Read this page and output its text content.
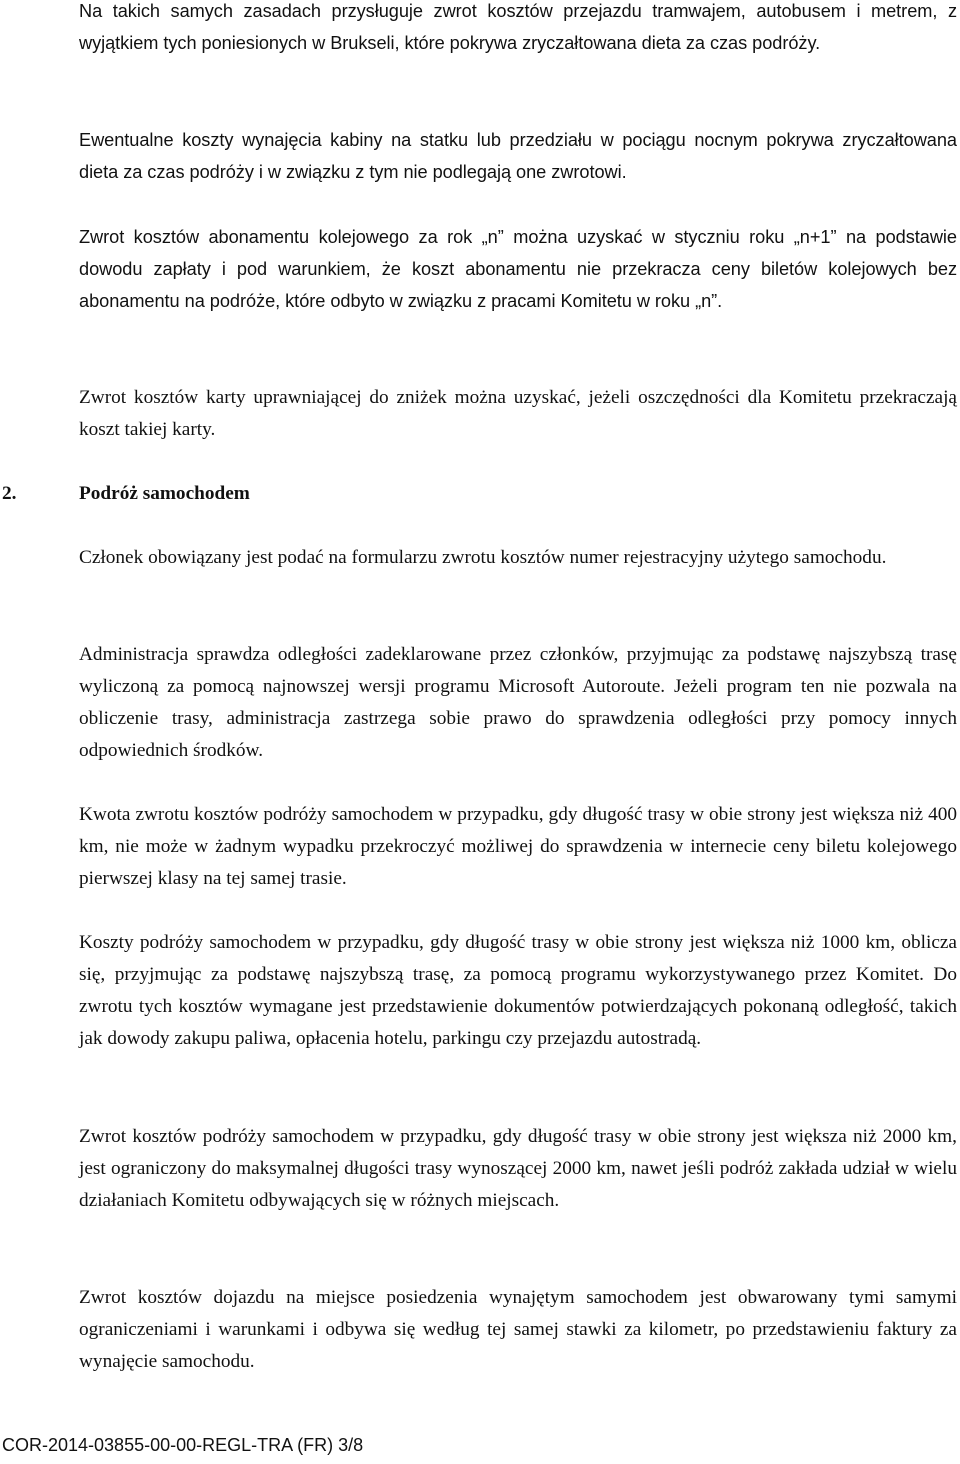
Na takich samych zasadach przysługuje zwrot kosztów przejazdu tramwajem, autobusem i metrem, z wyjątkiem tych poniesionych w Brukseli, które pokrywa zryczałtowana dieta za czas podróży.

Ewentualne koszty wynajęcia kabiny na statku lub przedziału w pociągu nocnym pokrywa zryczałtowana dieta za czas podróży i w związku z tym nie podlegają one zwrotowi.

Zwrot kosztów abonamentu kolejowego za rok „n” można uzyskać w styczniu roku „n+1” na podstawie dowodu zapłaty i pod warunkiem, że koszt abonamentu nie przekracza ceny biletów kolejowych bez abonamentu na podróże, które odbyto w związku z pracami Komitetu w roku „n”.

Zwrot kosztów karty uprawniającej do zniżek można uzyskać, jeżeli oszczędności dla Komitetu przekraczają koszt takiej karty.

2.	Podróż samochodem

Członek obowiązany jest podać na formularzu zwrotu kosztów numer rejestracyjny użytego samochodu.

Administracja sprawdza odległości zadeklarowane przez członków, przyjmując za podstawę najszybszą trasę wyliczoną za pomocą najnowszej wersji programu Microsoft Autoroute. Jeżeli program ten nie pozwala na obliczenie trasy, administracja zastrzega sobie prawo do sprawdzenia odległości przy pomocy innych odpowiednich środków.

Kwota zwrotu kosztów podróży samochodem w przypadku, gdy długość trasy w obie strony jest większa niż 400 km, nie może w żadnym wypadku przekroczyć możliwej do sprawdzenia w internecie ceny biletu kolejowego pierwszej klasy na tej samej trasie.

Koszty podróży samochodem w przypadku, gdy długość trasy w obie strony jest większa niż 1000 km, oblicza się, przyjmując za podstawę najszybszą trasę, za pomocą programu wykorzystywanego przez Komitet. Do zwrotu tych kosztów wymagane jest przedstawienie dokumentów potwierdzających pokonaną odległość, takich jak dowody zakupu paliwa, opłacenia hotelu, parkingu czy przejazdu autostradą.

Zwrot kosztów podróży samochodem w przypadku, gdy długość trasy w obie strony jest większa niż 2000 km, jest ograniczony do maksymalnej długości trasy wynoszącej 2000 km, nawet jeśli podróż zakłada udział w wielu działaniach Komitetu odbywających się w różnych miejscach.

Zwrot kosztów dojazdu na miejsce posiedzenia wynajętym samochodem jest obwarowany tymi samymi ograniczeniami i warunkami i odbywa się według tej samej stawki za kilometr, po przedstawieniu faktury za wynajęcie samochodu.

COR-2014-03855-00-00-REGL-TRA (FR) 3/8
